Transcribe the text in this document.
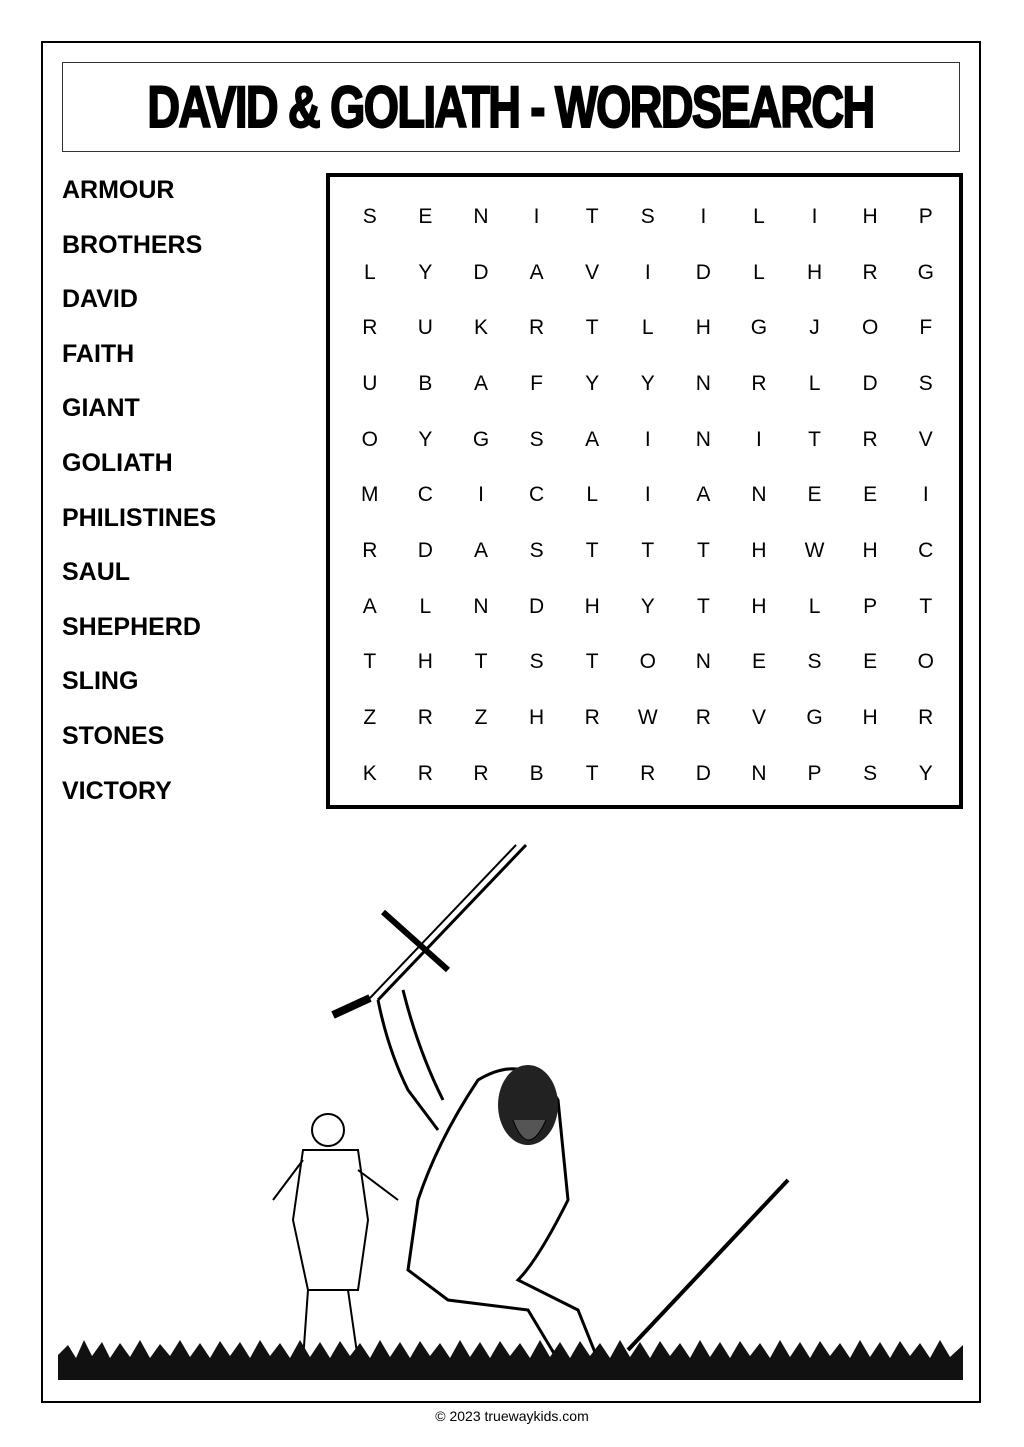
DAVID & GOLIATH - WORDSEARCH
ARMOUR
BROTHERS
DAVID
FAITH
GIANT
GOLIATH
PHILISTINES
SAUL
SHEPHERD
SLING
STONES
VICTORY
S	E	N	I	T	S	I	L	I	H	P
L	Y	D	A	V	I	D	L	H	R	G
R	U	K	R	T	L	H	G	J	O	F
U	B	A	F	Y	Y	N	R	L	D	S
O	Y	G	S	A	I	N	I	T	R	V
M	C	I	C	L	I	A	N	E	E	I
R	D	A	S	T	T	T	H	W	H	C
A	L	N	D	H	Y	T	H	L	P	T
T	H	T	S	T	O	N	E	S	E	O
Z	R	Z	H	R	W	R	V	G	H	R
K	R	R	B	T	R	D	N	P	S	Y
© 2023 truewaykids.com
